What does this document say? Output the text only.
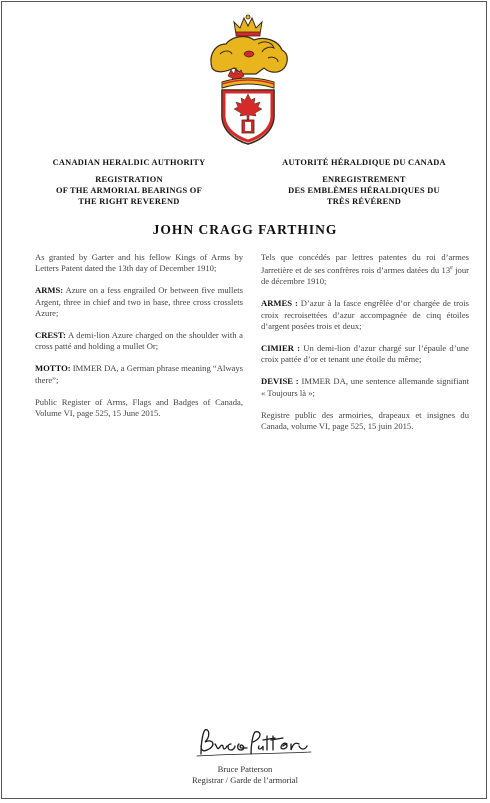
CANADIAN HERALDIC AUTHORITY
REGISTRATION
OF THE ARMORIAL BEARINGS OF
THE RIGHT REVEREND
AUTORITÉ HÉRALDIQUE DU CANADA
ENREGISTREMENT
DES EMBLÈMES HÉRALDIQUES DU
TRÈS RÉVÉREND
JOHN CRAGG FARTHING

As granted by Garter and his fellow Kings of Arms by Letters Patent dated the 13th day of December 1910;

ARMS: Azure on a fess engrailed Or between five mullets Argent, three in chief and two in base, three cross crosslets Azure;

CREST: A demi-lion Azure charged on the shoulder with a cross patté and holding a mullet Or;

MOTTO: IMMER DA, a German phrase meaning “Always there”;

Public Register of Arms, Flags and Badges of Canada, Volume VI, page 525, 15 June 2015.

Tels que concédés par lettres patentes du roi d’armes Jarretière et de ses confrères rois d’armes datées du 13e jour de décembre 1910;

ARMES : D’azur à la fasce engrêlée d’or chargée de trois croix recroisettées d’azur accompagnée de cinq étoiles d’argent posées trois et deux;

CIMIER : Un demi-lion d’azur chargé sur l’épaule d’une croix pattée d’or et tenant une étoile du même;

DEVISE : IMMER DA, une sentence allemande signifiant « Toujours là »;

Registre public des armoiries, drapeaux et insignes du Canada, volume VI, page 525, 15 juin 2015.

Bruce Patterson
Registrar / Garde de l’armorial
